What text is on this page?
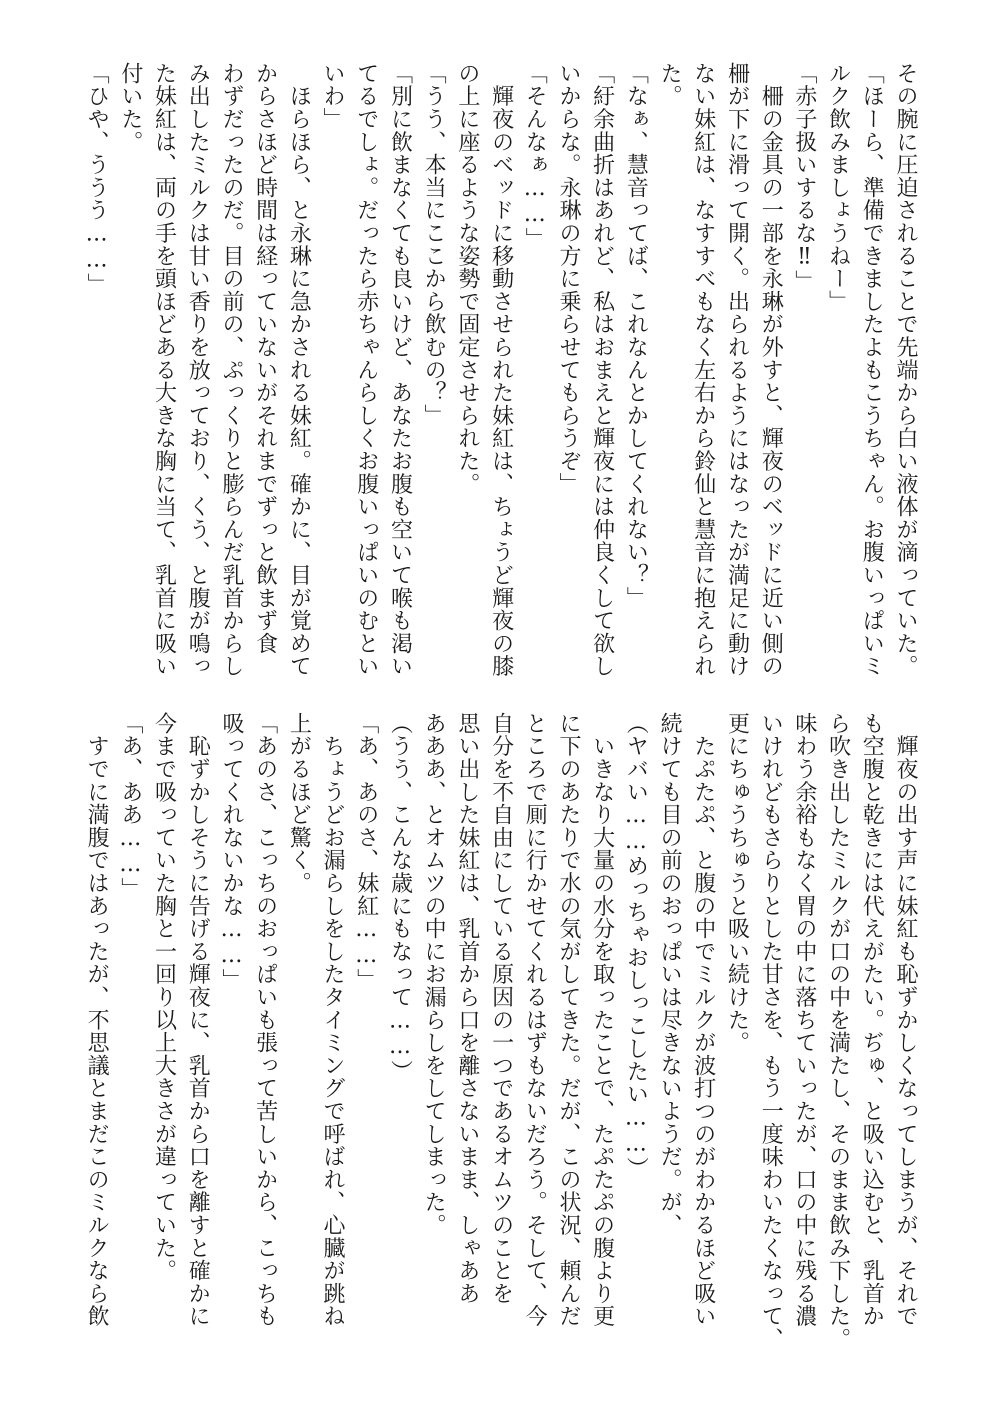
その腕に圧迫されることで先端から白い液体が滴っていた。

「ほーら、準備できましたよもこうちゃん。お腹いっぱいミ

ルク飲みましょうねー」

「赤子扱いするな‼」

　柵の金具の一部を永琳が外すと、輝夜のベッドに近い側の

柵が下に滑って開く。出られるようにはなったが満足に動け

ない妹紅は、なすすべもなく左右から鈴仙と慧音に抱えられ

た。

「なぁ、慧音ってば、これなんとかしてくれない？」

「紆余曲折はあれど、私はおまえと輝夜には仲良くして欲し

いからな。永琳の方に乗らせてもらうぞ」

「そんなぁ……」

　輝夜のベッドに移動させられた妹紅は、ちょうど輝夜の膝

の上に座るような姿勢で固定させられた。

「うう、本当にここから飲むの？」

「別に飲まなくても良いけど、あなたお腹も空いて喉も渇い

てるでしょ。だったら赤ちゃんらしくお腹いっぱいのむとい

いわ」

　ほらほら、と永琳に急かされる妹紅。確かに、目が覚めて

からさほど時間は経っていないがそれまでずっと飲まず食

わずだったのだ。目の前の、ぷっくりと膨らんだ乳首からし

み出したミルクは甘い香りを放っており、くう、と腹が鳴っ

た妹紅は、両の手を頭ほどある大きな胸に当て、乳首に吸い

付いた。

「ひや、ううう……」

　輝夜の出す声に妹紅も恥ずかしくなってしまうが、それで

も空腹と乾きには代えがたい。ぢゅ、と吸い込むと、乳首か

ら吹き出したミルクが口の中を満たし、そのまま飲み下した。

味わう余裕もなく胃の中に落ちていったが、口の中に残る濃

いけれどもさらりとした甘さを、もう一度味わいたくなって、

更にちゅうちゅうと吸い続けた。

　たぷたぷ、と腹の中でミルクが波打つのがわかるほど吸い

続けても目の前のおっぱいは尽きないようだ。が、

（ヤバい……めっちゃおしっこしたい……）

　いきなり大量の水分を取ったことで、たぷたぷの腹より更

に下のあたりで水の気がしてきた。だが、この状況、頼んだ

ところで厠に行かせてくれるはずもないだろう。そして、今

自分を不自由にしている原因の一つであるオムツのことを

思い出した妹紅は、乳首から口を離さないまま、しゃああ

あああ、とオムツの中にお漏らしをしてしまった。

（うう、こんな歳にもなって……）

「あ、あのさ、妹紅……」

　ちょうどお漏らしをしたタイミングで呼ばれ、心臓が跳ね

上がるほど驚く。

「あのさ、こっちのおっぱいも張って苦しいから、こっちも

吸ってくれないかな……」

　恥ずかしそうに告げる輝夜に、乳首から口を離すと確かに

今まで吸っていた胸と一回り以上大きさが違っていた。

「あ、ああ……」

　すでに満腹ではあったが、不思議とまだこのミルクなら飲
